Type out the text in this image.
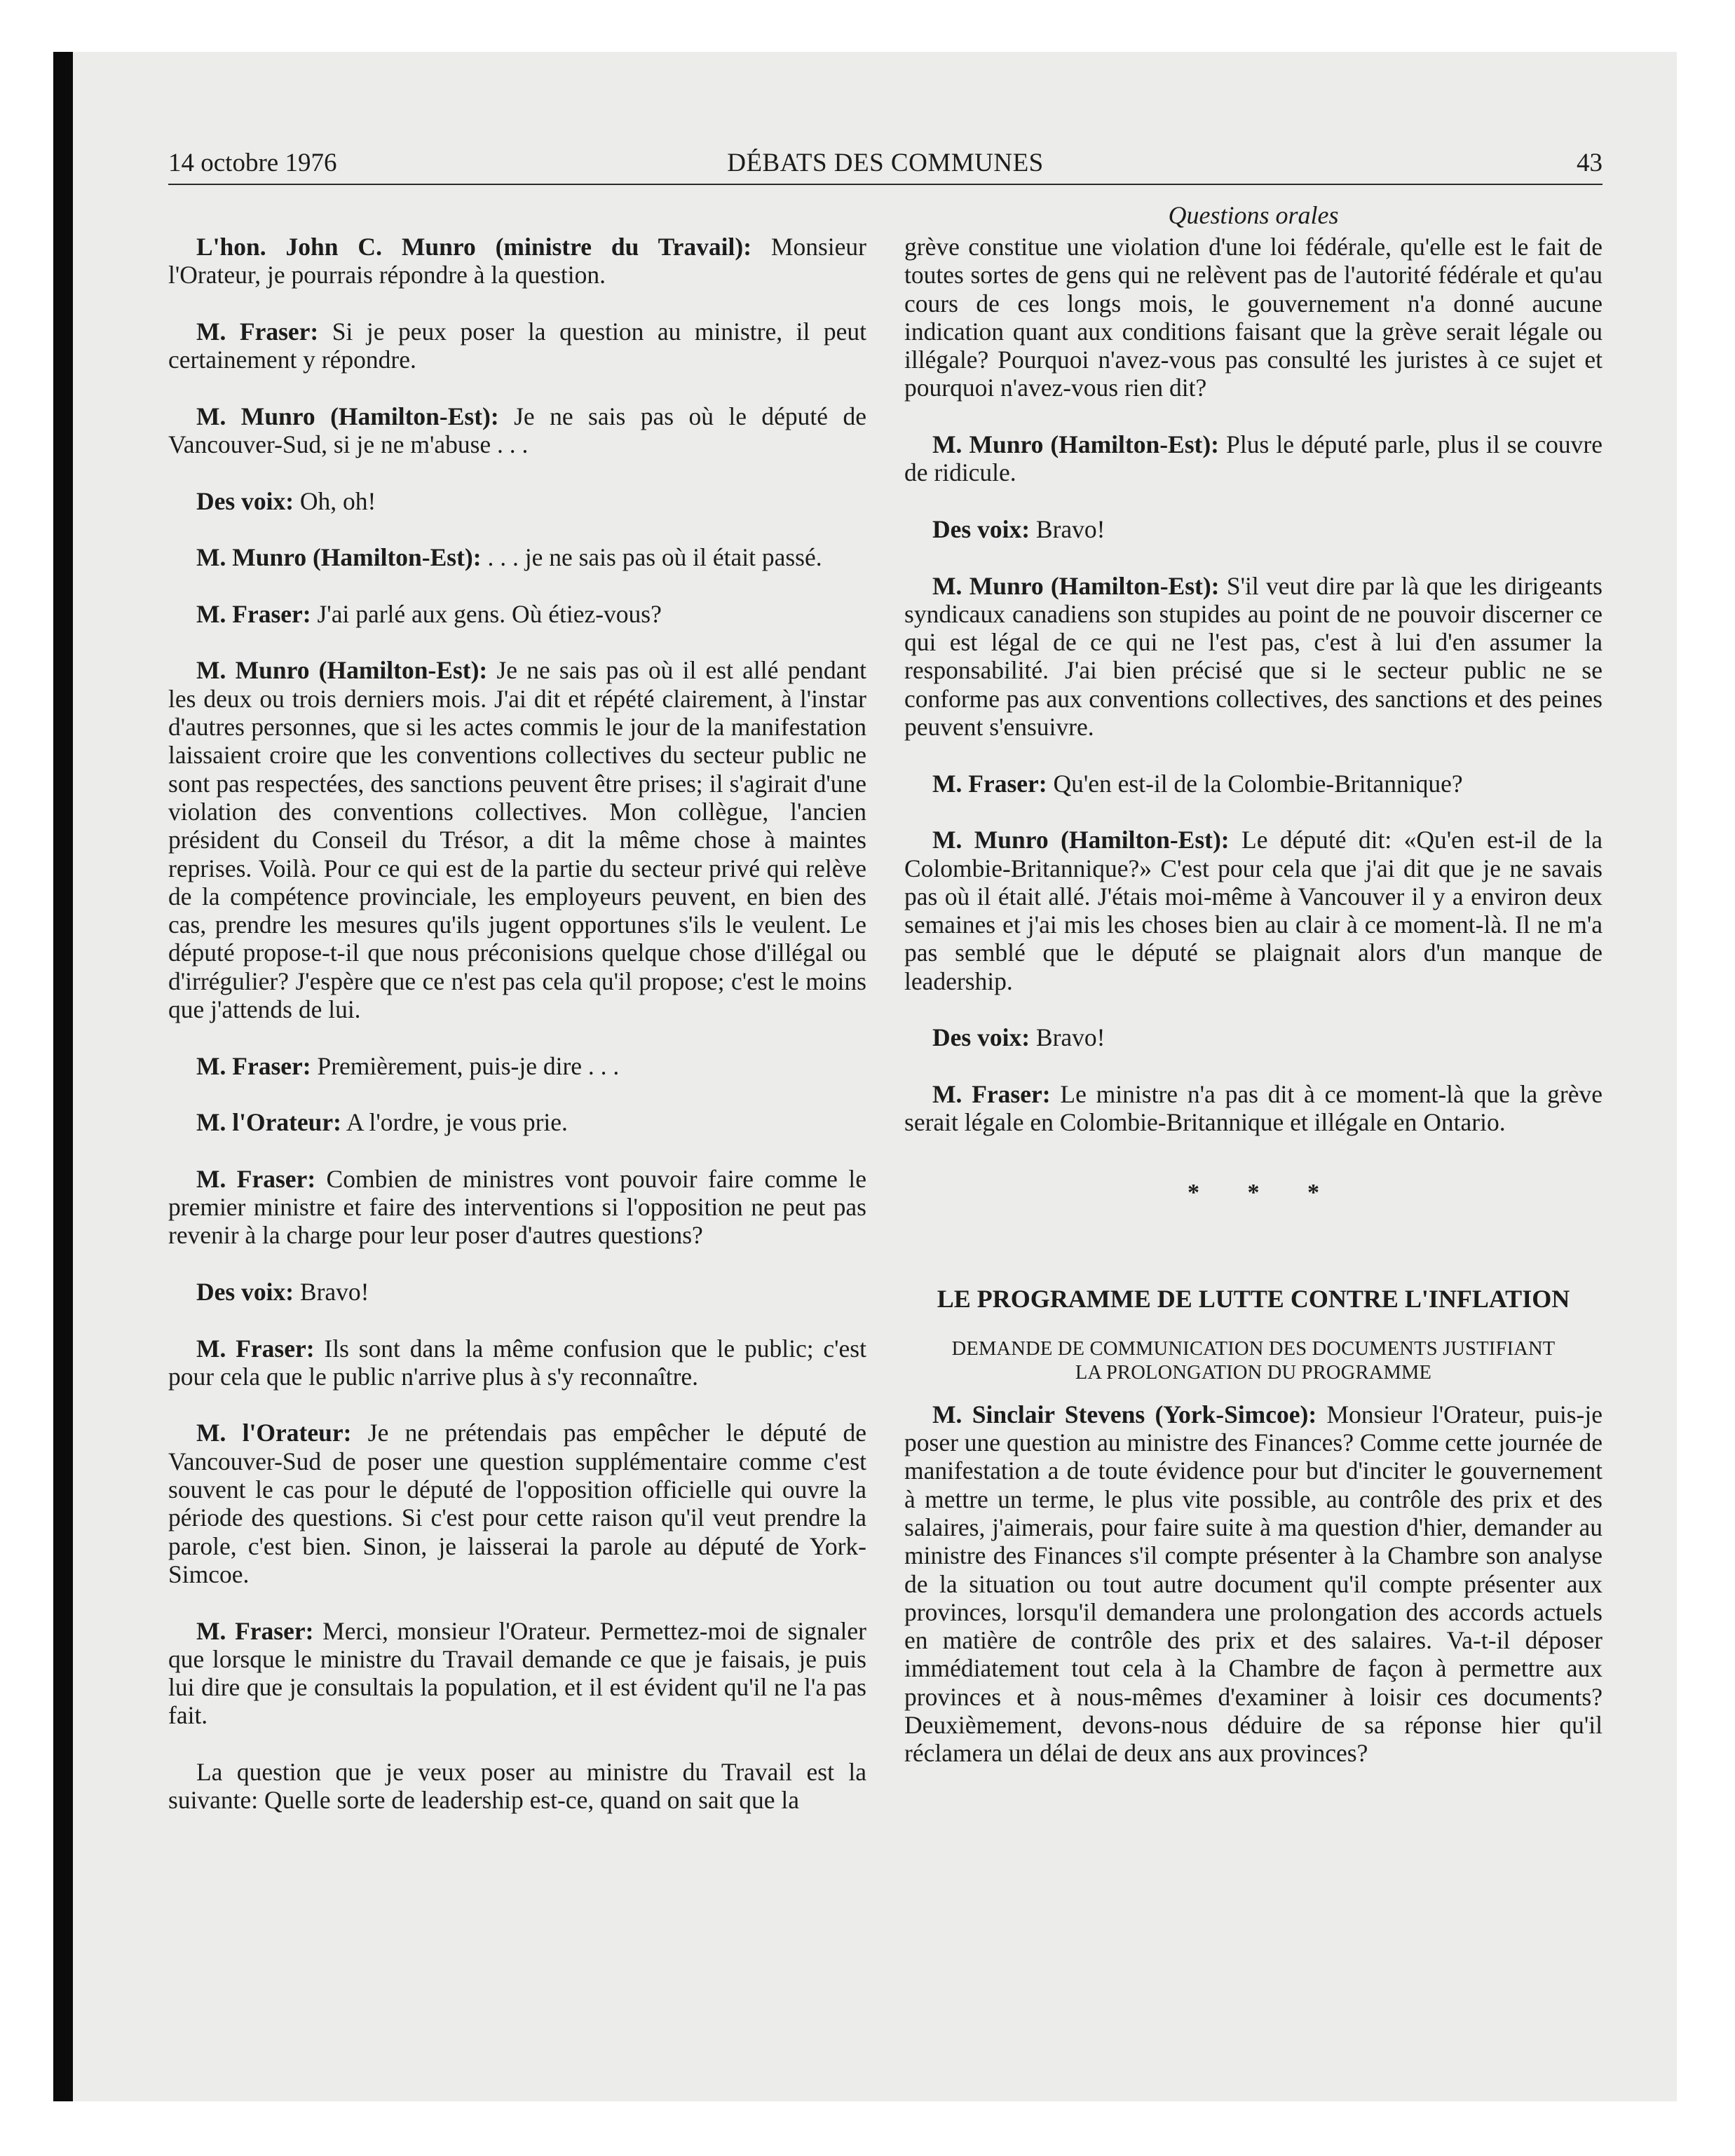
DÉBATS DES COMMUNES
14 octobre 1976	43
Questions orales

L'hon. John C. Munro (ministre du Travail): Monsieur l'Orateur, je pourrais répondre à la question.

M. Fraser: Si je peux poser la question au ministre, il peut certainement y répondre.

M. Munro (Hamilton-Est): Je ne sais pas où le député de Vancouver-Sud, si je ne m'abuse . . .

Des voix: Oh, oh!

M. Munro (Hamilton-Est): . . . je ne sais pas où il était passé.

M. Fraser: J'ai parlé aux gens. Où étiez-vous?

M. Munro (Hamilton-Est): Je ne sais pas où il est allé pendant les deux ou trois derniers mois. J'ai dit et répété clairement, à l'instar d'autres personnes, que si les actes commis le jour de la manifestation laissaient croire que les conventions collectives du secteur public ne sont pas respectées, des sanctions peuvent être prises; il s'agirait d'une violation des conventions collectives. Mon collègue, l'ancien président du Conseil du Trésor, a dit la même chose à maintes reprises. Voilà. Pour ce qui est de la partie du secteur privé qui relève de la compétence provinciale, les employeurs peuvent, en bien des cas, prendre les mesures qu'ils jugent opportunes s'ils le veulent. Le député propose-t-il que nous préconisions quelque chose d'illégal ou d'irrégulier? J'espère que ce n'est pas cela qu'il propose; c'est le moins que j'attends de lui.

M. Fraser: Premièrement, puis-je dire . . .

M. l'Orateur: A l'ordre, je vous prie.

M. Fraser: Combien de ministres vont pouvoir faire comme le premier ministre et faire des interventions si l'opposition ne peut pas revenir à la charge pour leur poser d'autres questions?

Des voix: Bravo!

M. Fraser: Ils sont dans la même confusion que le public; c'est pour cela que le public n'arrive plus à s'y reconnaître.

M. l'Orateur: Je ne prétendais pas empêcher le député de Vancouver-Sud de poser une question supplémentaire comme c'est souvent le cas pour le député de l'opposition officielle qui ouvre la période des questions. Si c'est pour cette raison qu'il veut prendre la parole, c'est bien. Sinon, je laisserai la parole au député de York-Simcoe.

M. Fraser: Merci, monsieur l'Orateur. Permettez-moi de signaler que lorsque le ministre du Travail demande ce que je faisais, je puis lui dire que je consultais la population, et il est évident qu'il ne l'a pas fait.

La question que je veux poser au ministre du Travail est la suivante: Quelle sorte de leadership est-ce, quand on sait que la

grève constitue une violation d'une loi fédérale, qu'elle est le fait de toutes sortes de gens qui ne relèvent pas de l'autorité fédérale et qu'au cours de ces longs mois, le gouvernement n'a donné aucune indication quant aux conditions faisant que la grève serait légale ou illégale? Pourquoi n'avez-vous pas consulté les juristes à ce sujet et pourquoi n'avez-vous rien dit?

M. Munro (Hamilton-Est): Plus le député parle, plus il se couvre de ridicule.

Des voix: Bravo!

M. Munro (Hamilton-Est): S'il veut dire par là que les dirigeants syndicaux canadiens son stupides au point de ne pouvoir discerner ce qui est légal de ce qui ne l'est pas, c'est à lui d'en assumer la responsabilité. J'ai bien précisé que si le secteur public ne se conforme pas aux conventions collectives, des sanctions et des peines peuvent s'ensuivre.

M. Fraser: Qu'en est-il de la Colombie-Britannique?

M. Munro (Hamilton-Est): Le député dit: «Qu'en est-il de la Colombie-Britannique?» C'est pour cela que j'ai dit que je ne savais pas où il était allé. J'étais moi-même à Vancouver il y a environ deux semaines et j'ai mis les choses bien au clair à ce moment-là. Il ne m'a pas semblé que le député se plaignait alors d'un manque de leadership.

Des voix: Bravo!

M. Fraser: Le ministre n'a pas dit à ce moment-là que la grève serait légale en Colombie-Britannique et illégale en Ontario.

* * *
LE PROGRAMME DE LUTTE CONTRE L'INFLATION
DEMANDE DE COMMUNICATION DES DOCUMENTS JUSTIFIANT
LA PROLONGATION DU PROGRAMME

M. Sinclair Stevens (York-Simcoe): Monsieur l'Orateur, puis-je poser une question au ministre des Finances? Comme cette journée de manifestation a de toute évidence pour but d'inciter le gouvernement à mettre un terme, le plus vite possible, au contrôle des prix et des salaires, j'aimerais, pour faire suite à ma question d'hier, demander au ministre des Finances s'il compte présenter à la Chambre son analyse de la situation ou tout autre document qu'il compte présenter aux provinces, lorsqu'il demandera une prolongation des accords actuels en matière de contrôle des prix et des salaires. Va-t-il déposer immédiatement tout cela à la Chambre de façon à permettre aux provinces et à nous-mêmes d'examiner à loisir ces documents? Deuxièmement, devons-nous déduire de sa réponse hier qu'il réclamera un délai de deux ans aux provinces?
